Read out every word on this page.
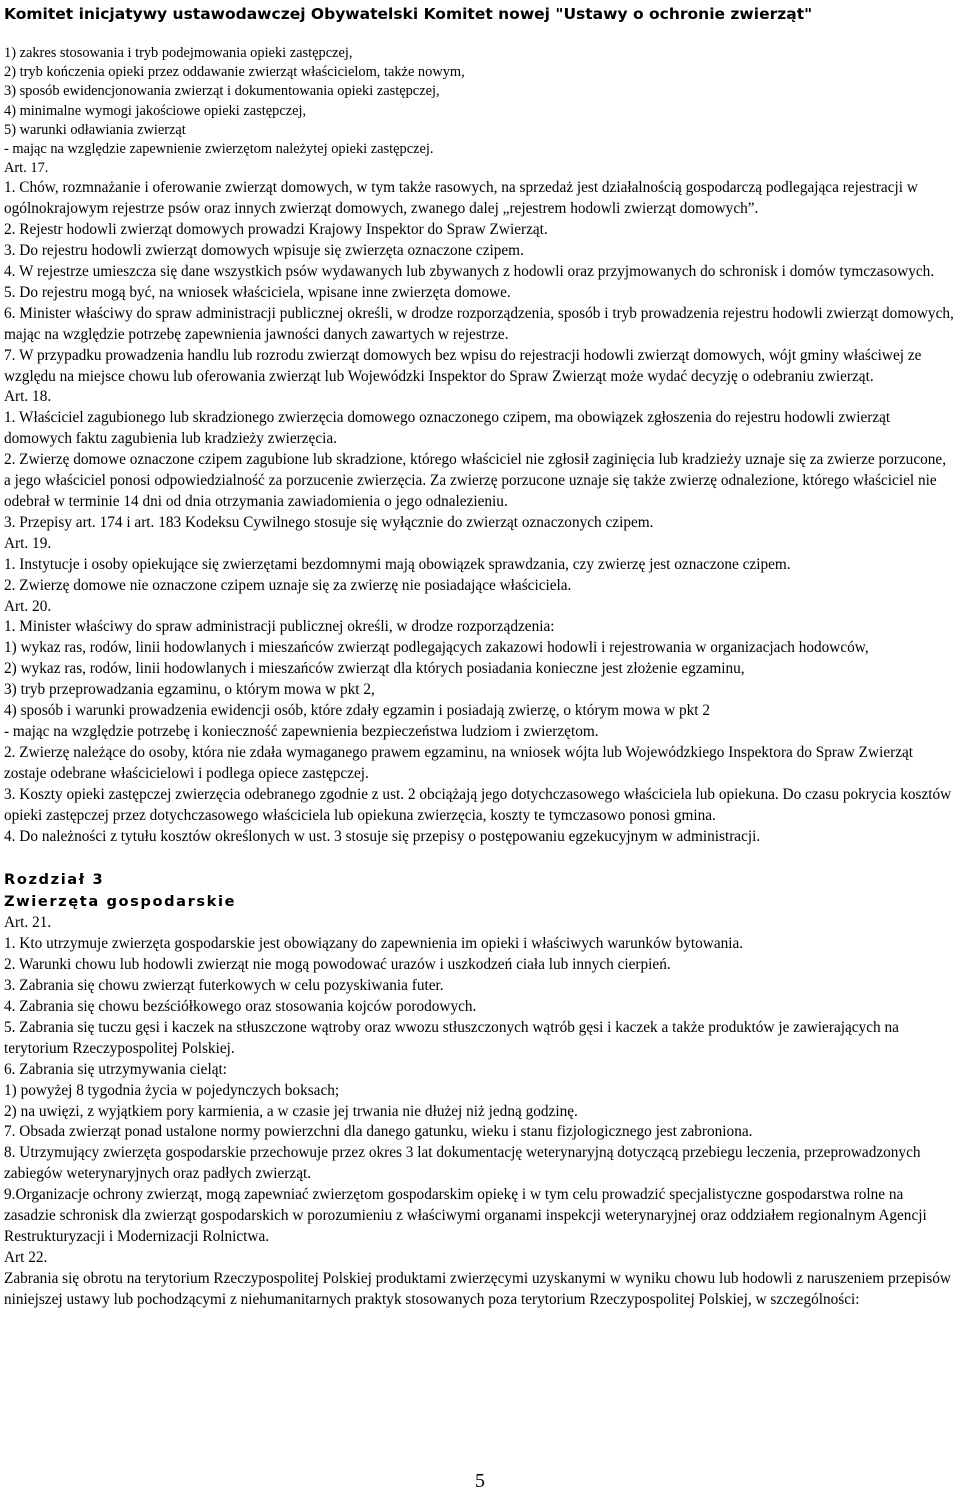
Komitet inicjatywy ustawodawczej Obywatelski Komitet nowej "Ustawy o ochronie zwierząt"

1) zakres stosowania i tryb podejmowania opieki zastępczej,

2) tryb kończenia opieki przez oddawanie zwierząt właścicielom, także nowym,

3) sposób ewidencjonowania zwierząt i dokumentowania opieki zastępczej,

4) minimalne wymogi jakościowe opieki zastępczej,

5) warunki odławiania zwierząt

- mając na względzie zapewnienie zwierzętom należytej opieki zastępczej.

Art. 17.

1. Chów, rozmnażanie i oferowanie zwierząt domowych, w tym także rasowych, na sprzedaż jest działalnością gospodarczą podlegająca rejestracji w ogólnokrajowym rejestrze psów oraz innych zwierząt domowych, zwanego dalej „rejestrem hodowli zwierząt domowych”.

2. Rejestr hodowli zwierząt domowych prowadzi Krajowy Inspektor do Spraw Zwierząt.

3. Do rejestru hodowli zwierząt domowych wpisuje się zwierzęta oznaczone czipem.

4. W rejestrze umieszcza się dane wszystkich psów wydawanych lub zbywanych z hodowli oraz przyjmowanych do schronisk i domów tymczasowych.

5. Do rejestru mogą być, na wniosek właściciela, wpisane inne zwierzęta domowe.

6. Minister właściwy do spraw administracji publicznej określi, w drodze rozporządzenia, sposób i tryb prowadzenia rejestru hodowli zwierząt domowych, mając na względzie potrzebę zapewnienia jawności danych zawartych w rejestrze.

7. W przypadku prowadzenia handlu lub rozrodu zwierząt domowych bez wpisu do rejestracji hodowli zwierząt domowych, wójt gminy właściwej ze względu na miejsce chowu lub oferowania zwierząt lub Wojewódzki Inspektor do Spraw Zwierząt może wydać decyzję o odebraniu zwierząt.

Art. 18.

1. Właściciel zagubionego lub skradzionego zwierzęcia domowego oznaczonego czipem, ma obowiązek zgłoszenia do rejestru hodowli zwierząt domowych faktu zagubienia lub kradzieży zwierzęcia.

2. Zwierzę domowe oznaczone czipem zagubione lub skradzione, którego właściciel nie zgłosił zaginięcia lub kradzieży uznaje się za zwierze porzucone, a jego właściciel ponosi odpowiedzialność za porzucenie zwierzęcia. Za zwierzę porzucone uznaje się także zwierzę odnalezione, którego właściciel nie odebrał w terminie 14 dni od dnia otrzymania zawiadomienia o jego odnalezieniu.

3. Przepisy art. 174 i art. 183 Kodeksu Cywilnego stosuje się wyłącznie do zwierząt oznaczonych czipem.

Art. 19.

1. Instytucje i osoby opiekujące się zwierzętami bezdomnymi mają obowiązek sprawdzania, czy zwierzę jest oznaczone czipem.

2. Zwierzę domowe nie oznaczone czipem uznaje się za zwierzę nie posiadające właściciela.

Art. 20.

1. Minister właściwy do spraw administracji publicznej określi, w drodze rozporządzenia:

1) wykaz ras, rodów, linii hodowlanych i mieszańców zwierząt podlegających zakazowi hodowli i rejestrowania w organizacjach hodowców,

2) wykaz ras, rodów, linii hodowlanych i mieszańców zwierząt dla których posiadania konieczne jest złożenie egzaminu,

3) tryb przeprowadzania egzaminu, o którym mowa w pkt 2,

4) sposób i warunki prowadzenia ewidencji osób, które zdały egzamin i posiadają zwierzę, o którym mowa w pkt 2

- mając na względzie potrzebę i konieczność zapewnienia bezpieczeństwa ludziom i zwierzętom.

2. Zwierzę należące do osoby, która nie zdała wymaganego prawem egzaminu, na wniosek wójta lub Wojewódzkiego Inspektora do Spraw Zwierząt zostaje odebrane właścicielowi i podlega opiece zastępczej.

3. Koszty opieki zastępczej zwierzęcia odebranego zgodnie z ust. 2 obciążają jego dotychczasowego właściciela lub opiekuna. Do czasu pokrycia kosztów opieki zastępczej przez dotychczasowego właściciela lub opiekuna zwierzęcia, koszty te tymczasowo ponosi gmina.

4. Do należności z tytułu kosztów określonych w ust. 3 stosuje się przepisy o postępowaniu egzekucyjnym w administracji.

Rozdział 3
Zwierzęta gospodarskie

Art. 21.

1. Kto utrzymuje zwierzęta gospodarskie jest obowiązany do zapewnienia im opieki i właściwych warunków bytowania.

2. Warunki chowu lub hodowli zwierząt nie mogą powodować urazów i uszkodzeń ciała lub innych cierpień.

3. Zabrania się chowu zwierząt futerkowych w celu pozyskiwania futer.

4. Zabrania się chowu bezściółkowego oraz stosowania kojców porodowych.

5. Zabrania się tuczu gęsi i kaczek na stłuszczone wątroby oraz wwozu stłuszczonych wątrób gęsi i kaczek a także produktów je zawierających na terytorium Rzeczypospolitej Polskiej.

6. Zabrania się utrzymywania cieląt:

1) powyżej 8 tygodnia życia w pojedynczych boksach;

2) na uwięzi, z wyjątkiem pory karmienia, a w czasie jej trwania nie dłużej niż jedną godzinę.

7. Obsada zwierząt ponad ustalone normy powierzchni dla danego gatunku, wieku i stanu fizjologicznego jest zabroniona.

8. Utrzymujący zwierzęta gospodarskie przechowuje przez okres 3 lat dokumentację weterynaryjną dotyczącą przebiegu leczenia, przeprowadzonych zabiegów weterynaryjnych oraz padłych zwierząt.

9.Organizacje ochrony zwierząt, mogą zapewniać zwierzętom gospodarskim opiekę i w tym celu prowadzić specjalistyczne gospodarstwa rolne na zasadzie schronisk dla zwierząt gospodarskich w porozumieniu z właściwymi organami inspekcji weterynaryjnej oraz oddziałem regionalnym Agencji Restrukturyzacji i Modernizacji Rolnictwa.

Art 22.

Zabrania się obrotu na terytorium Rzeczypospolitej Polskiej produktami zwierzęcymi uzyskanymi w wyniku chowu lub hodowli z naruszeniem przepisów niniejszej ustawy lub pochodzącymi z niehumanitarnych praktyk stosowanych poza terytorium Rzeczypospolitej Polskiej, w szczególności:

5
